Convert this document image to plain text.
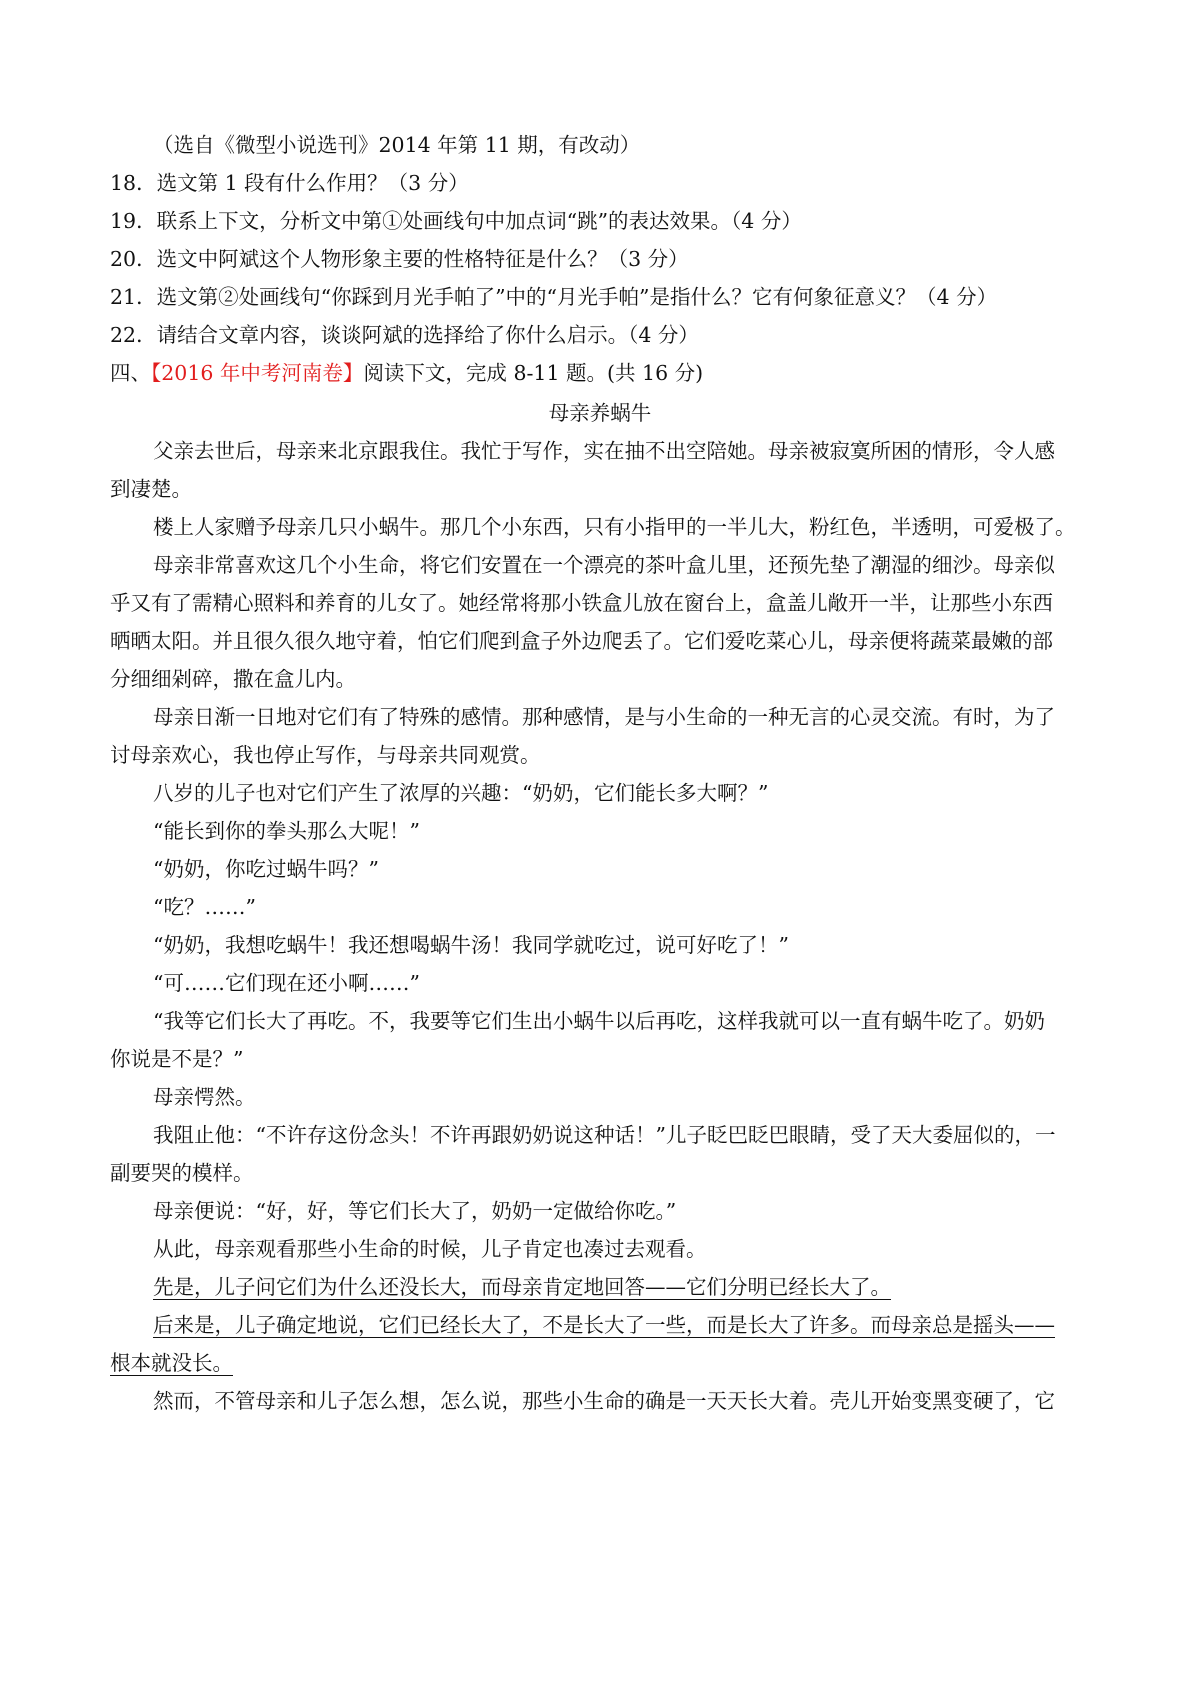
（选自《微型小说选刊》2014 年第 11 期，有改动）
18．选文第 1 段有什么作用？（3 分）
19．联系上下文，分析文中第①处画线句中加点词“跳”的表达效果。（4 分）
20．选文中阿斌这个人物形象主要的性格特征是什么？（3 分）
21．选文第②处画线句“你踩到月光手帕了”中的“月光手帕”是指什么？它有何象征意义？（4 分）
22．请结合文章内容，谈谈阿斌的选择给了你什么启示。（4 分）
四、【2016 年中考河南卷】阅读下文，完成 8-11 题。(共 16 分)
母亲养蜗牛
父亲去世后，母亲来北京跟我住。我忙于写作，实在抽不出空陪她。母亲被寂寞所困的情形，令人感
到凄楚。
楼上人家赠予母亲几只小蜗牛。那几个小东西，只有小指甲的一半儿大，粉红色，半透明，可爱极了。
母亲非常喜欢这几个小生命，将它们安置在一个漂亮的茶叶盒儿里，还预先垫了潮湿的细沙。母亲似
乎又有了需精心照料和养育的儿女了。她经常将那小铁盒儿放在窗台上，盒盖儿敞开一半，让那些小东西
晒晒太阳。并且很久很久地守着，怕它们爬到盒子外边爬丢了。它们爱吃菜心儿，母亲便将蔬菜最嫩的部
分细细剁碎，撒在盒儿内。
母亲日渐一日地对它们有了特殊的感情。那种感情，是与小生命的一种无言的心灵交流。有时，为了
讨母亲欢心，我也停止写作，与母亲共同观赏。
八岁的儿子也对它们产生了浓厚的兴趣：“奶奶，它们能长多大啊？”
“能长到你的拳头那么大呢！”
“奶奶，你吃过蜗牛吗？”
“吃？……”
“奶奶，我想吃蜗牛！我还想喝蜗牛汤！我同学就吃过，说可好吃了！”
“可……它们现在还小啊……”
“我等它们长大了再吃。不，我要等它们生出小蜗牛以后再吃，这样我就可以一直有蜗牛吃了。奶奶
你说是不是？”
母亲愕然。
我阻止他：“不许存这份念头！不许再跟奶奶说这种话！”儿子眨巴眨巴眼睛，受了天大委屈似的，一
副要哭的模样。
母亲便说：“好，好，等它们长大了，奶奶一定做给你吃。”
从此，母亲观看那些小生命的时候，儿子肯定也凑过去观看。
先是，儿子问它们为什么还没长大，而母亲肯定地回答——它们分明已经长大了。
后来是，儿子确定地说，它们已经长大了，不是长大了一些，而是长大了许多。而母亲总是摇头——
根本就没长。
然而，不管母亲和儿子怎么想，怎么说，那些小生命的确是一天天长大着。壳儿开始变黑变硬了，它
